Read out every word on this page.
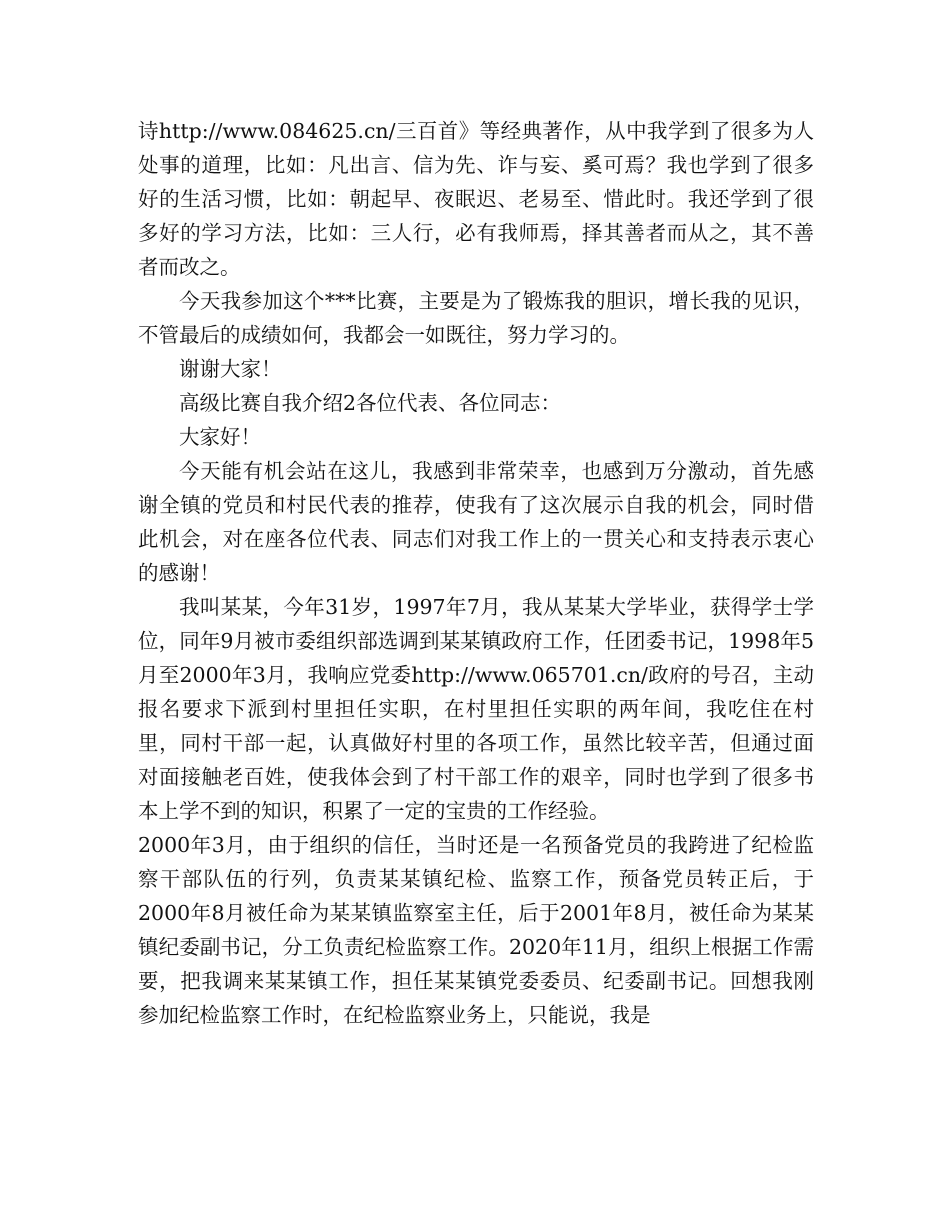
诗http://www.084625.cn/三百首》等经典著作，从中我学到了很多为人处事的道理，比如：凡出言、信为先、诈与妄、奚可焉？我也学到了很多好的生活习惯，比如：朝起早、夜眠迟、老易至、惜此时。我还学到了很多好的学习方法，比如：三人行，必有我师焉，择其善者而从之，其不善者而改之。

今天我参加这个***比赛，主要是为了锻炼我的胆识，增长我的见识，不管最后的成绩如何，我都会一如既往，努力学习的。

谢谢大家！

高级比赛自我介绍2各位代表、各位同志：

大家好！

今天能有机会站在这儿，我感到非常荣幸，也感到万分激动，首先感谢全镇的党员和村民代表的推荐，使我有了这次展示自我的机会，同时借此机会，对在座各位代表、同志们对我工作上的一贯关心和支持表示衷心的感谢！

我叫某某，今年31岁，1997年7月，我从某某大学毕业，获得学士学位，同年9月被市委组织部选调到某某镇政府工作，任团委书记，1998年5月至2000年3月，我响应党委http://www.065701.cn/政府的号召，主动报名要求下派到村里担任实职，在村里担任实职的两年间，我吃住在村里，同村干部一起，认真做好村里的各项工作，虽然比较辛苦，但通过面对面接触老百姓，使我体会到了村干部工作的艰辛，同时也学到了很多书本上学不到的知识，积累了一定的宝贵的工作经验。

2000年3月，由于组织的信任，当时还是一名预备党员的我跨进了纪检监察干部队伍的行列，负责某某镇纪检、监察工作，预备党员转正后，于2000年8月被任命为某某镇监察室主任，后于2001年8月，被任命为某某镇纪委副书记，分工负责纪检监察工作。2020年11月，组织上根据工作需要，把我调来某某镇工作，担任某某镇党委委员、纪委副书记。回想我刚参加纪检监察工作时，在纪检监察业务上，只能说，我是
